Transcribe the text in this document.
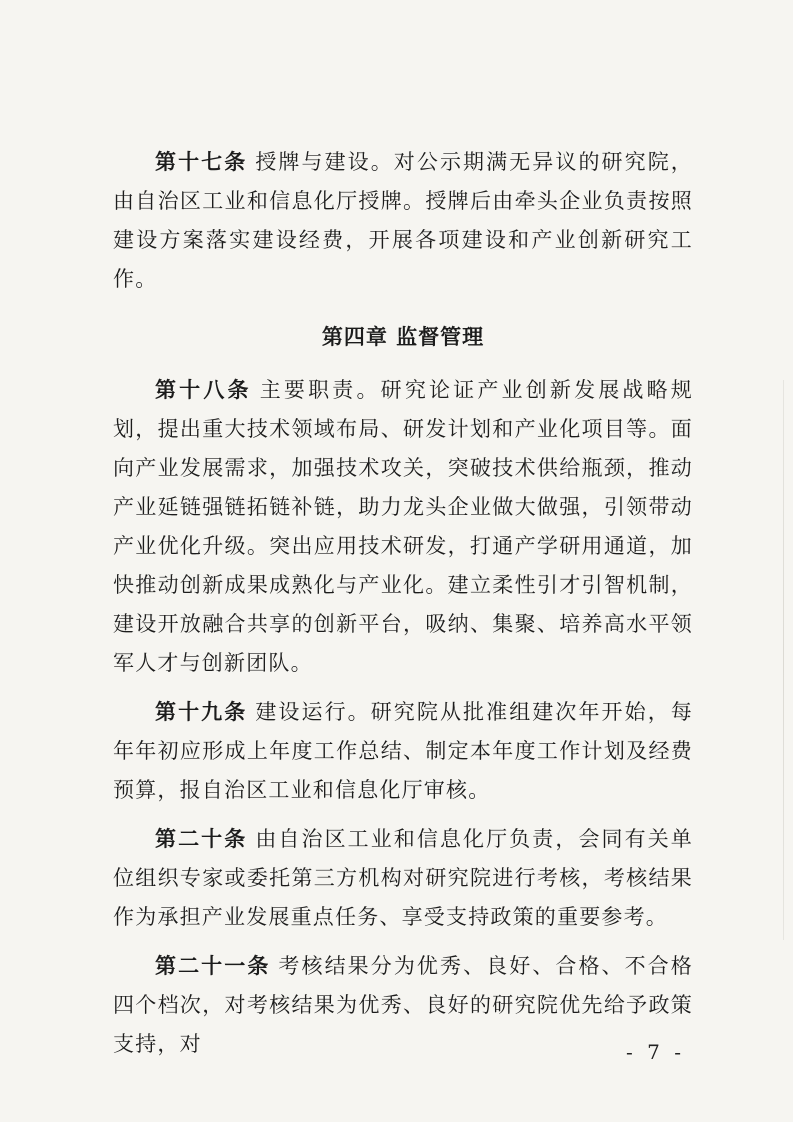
第十七条 授牌与建设。对公示期满无异议的研究院，由自治区工业和信息化厅授牌。授牌后由牵头企业负责按照建设方案落实建设经费，开展各项建设和产业创新研究工作。

第四章 监督管理

第十八条 主要职责。研究论证产业创新发展战略规划，提出重大技术领域布局、研发计划和产业化项目等。面向产业发展需求，加强技术攻关，突破技术供给瓶颈，推动产业延链强链拓链补链，助力龙头企业做大做强，引领带动产业优化升级。突出应用技术研发，打通产学研用通道，加快推动创新成果成熟化与产业化。建立柔性引才引智机制，建设开放融合共享的创新平台，吸纳、集聚、培养高水平领军人才与创新团队。

第十九条 建设运行。研究院从批准组建次年开始，每年年初应形成上年度工作总结、制定本年度工作计划及经费预算，报自治区工业和信息化厅审核。

第二十条 由自治区工业和信息化厅负责，会同有关单位组织专家或委托第三方机构对研究院进行考核，考核结果作为承担产业发展重点任务、享受支持政策的重要参考。

第二十一条 考核结果分为优秀、良好、合格、不合格四个档次，对考核结果为优秀、良好的研究院优先给予政策支持，对	- 7 -
